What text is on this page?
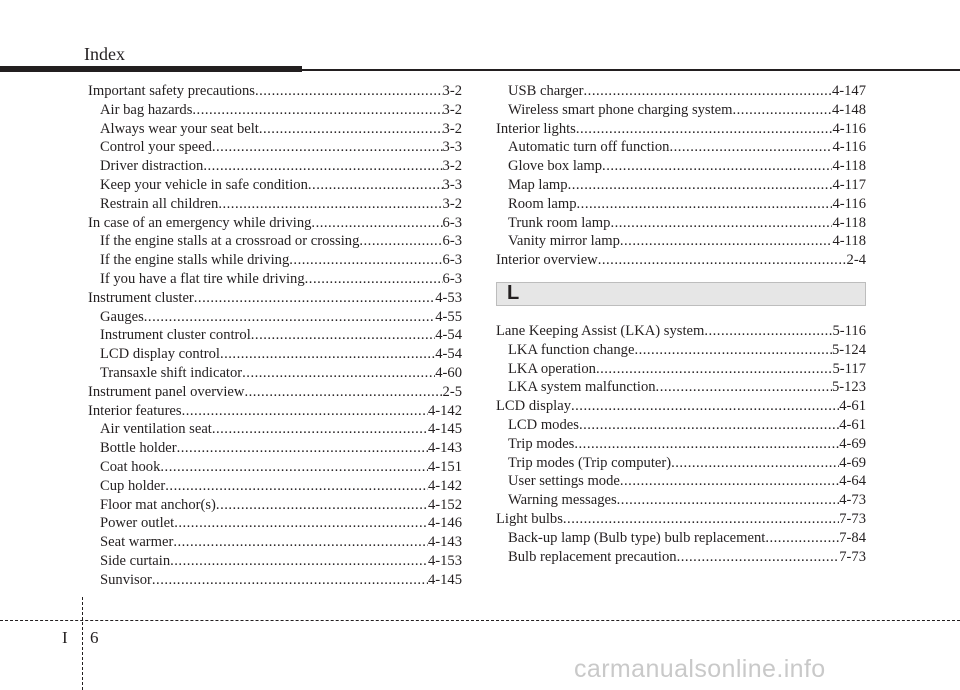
Index
Important safety precautions .....	3-2
Air bag hazards .....	3-2
Always wear your seat belt .....	3-2
Control your speed .....	3-3
Driver distraction .....	3-2
Keep your vehicle in safe condition .....	3-3
Restrain all children .....	3-2
In case of an emergency while driving .....	6-3
If the engine stalls at a crossroad or crossing .....	6-3
If the engine stalls while driving .....	6-3
If you have a flat tire while driving .....	6-3
Instrument cluster .....	4-53
Gauges .....	4-55
Instrument cluster control .....	4-54
LCD display control .....	4-54
Transaxle shift indicator .....	4-60
Instrument panel overview .....	2-5
Interior features .....	4-142
Air ventilation seat .....	4-145
Bottle holder .....	4-143
Coat hook .....	4-151
Cup holder .....	4-142
Floor mat anchor(s) .....	4-152
Power outlet .....	4-146
Seat warmer .....	4-143
Side curtain .....	4-153
Sunvisor .....	4-145
USB charger .....	4-147
Wireless smart phone charging system .....	4-148
Interior lights .....	4-116
Automatic turn off function .....	4-116
Glove box lamp .....	4-118
Map lamp .....	4-117
Room lamp .....	4-116
Trunk room lamp .....	4-118
Vanity mirror lamp .....	4-118
Interior overview .....	2-4
L
Lane Keeping Assist (LKA) system .....	5-116
LKA function change .....	5-124
LKA operation .....	5-117
LKA system malfunction .....	5-123
LCD display .....	4-61
LCD modes .....	4-61
Trip modes .....	4-69
Trip modes (Trip computer) .....	4-69
User settings mode .....	4-64
Warning messages .....	4-73
Light bulbs .....	7-73
Back-up lamp (Bulb type) bulb replacement .....	7-84
Bulb replacement precaution .....	7-73
I 6
carmanualsonline.info
